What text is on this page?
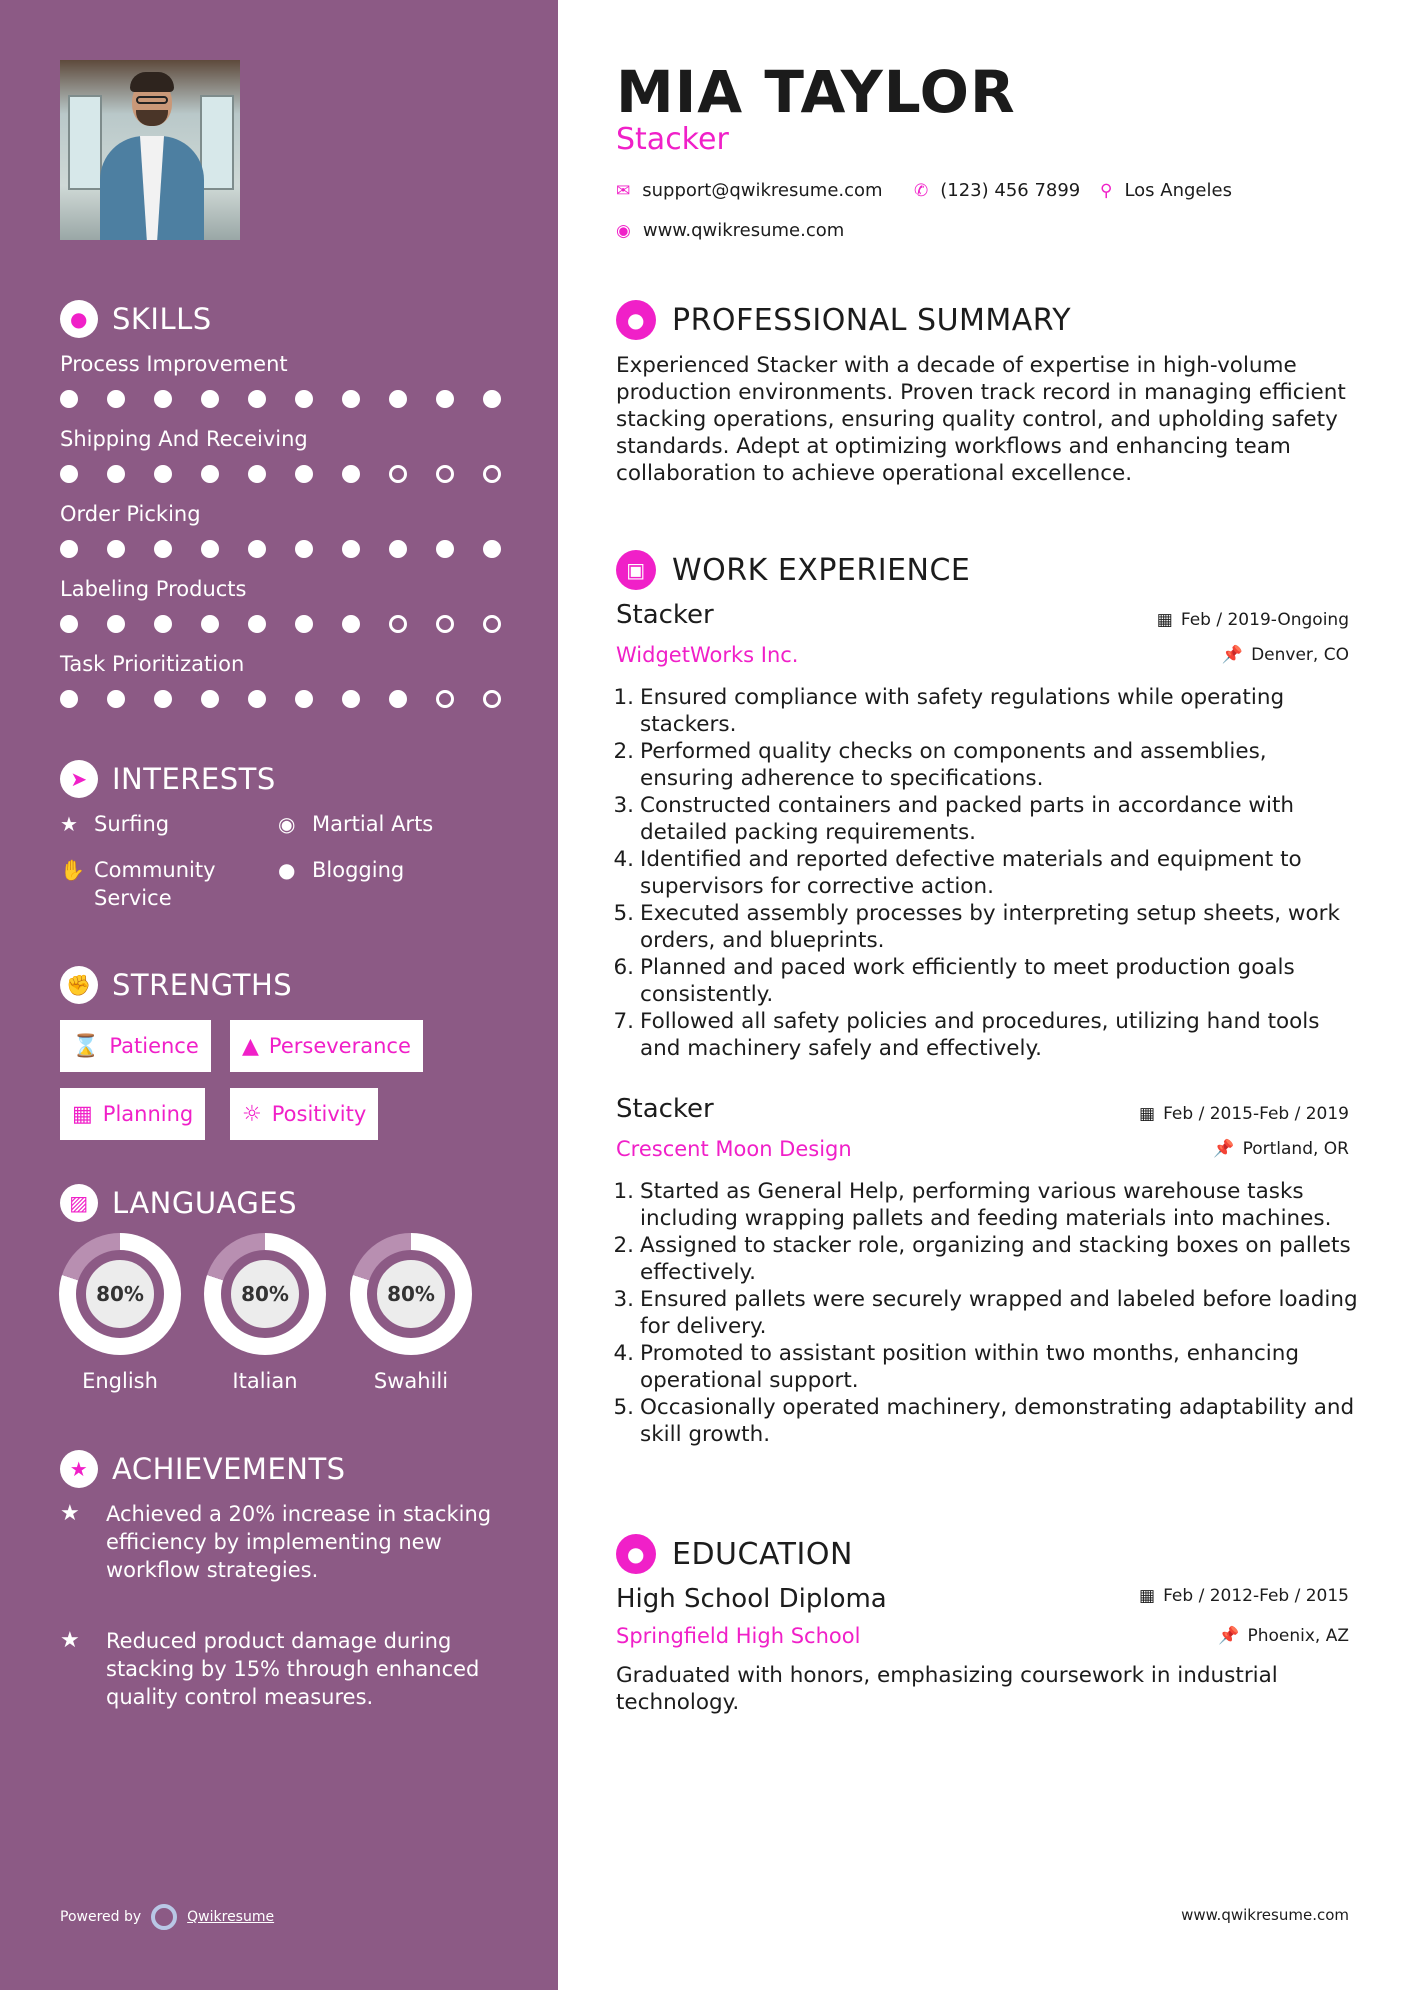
● SKILLS
Process Improvement
Shipping And Receiving
Order Picking
Labeling Products
Task Prioritization
➤ INTERESTS
★ Surfing	◉ Martial Arts
✋ Community Service
● Blogging
✊ STRENGTHS
⌛ Patience ▲ Perseverance
▦ Planning ☼ Positivity
▨ LANGUAGES
80%
English
80%
Italian
80%
Swahili
★ ACHIEVEMENTS
★	Achieved a 20% increase in stacking efficiency by implementing new workflow strategies.
★	Reduced product damage during stacking by 15% through enhanced quality control measures.
Powered by	Qwikresume
MIA TAYLOR
Stacker
✉ support@qwikresume.com ✆ (123) 456 7899 ⚲ Los Angeles
◉ www.qwikresume.com
● PROFESSIONAL SUMMARY
Experienced Stacker with a decade of expertise in high-volume production environments. Proven track record in managing efficient stacking operations, ensuring quality control, and upholding safety standards. Adept at optimizing workflows and enhancing team collaboration to achieve operational excellence.
▣ WORK EXPERIENCE
Stacker	▦ Feb / 2019-Ongoing
WidgetWorks Inc.	📌 Denver, CO
1. Ensured compliance with safety regulations while operating stackers.
2. Performed quality checks on components and assemblies, ensuring adherence to specifications.
3. Constructed containers and packed parts in accordance with detailed packing requirements.
4. Identified and reported defective materials and equipment to supervisors for corrective action.
5. Executed assembly processes by interpreting setup sheets, work orders, and blueprints.
6. Planned and paced work efficiently to meet production goals consistently.
7. Followed all safety policies and procedures, utilizing hand tools and machinery safely and effectively.
Stacker	▦ Feb / 2015-Feb / 2019
Crescent Moon Design	📌 Portland, OR
1. Started as General Help, performing various warehouse tasks including wrapping pallets and feeding materials into machines.
2. Assigned to stacker role, organizing and stacking boxes on pallets effectively.
3. Ensured pallets were securely wrapped and labeled before loading for delivery.
4. Promoted to assistant position within two months, enhancing operational support.
5. Occasionally operated machinery, demonstrating adaptability and skill growth.
● EDUCATION
High School Diploma	▦ Feb / 2012-Feb / 2015
Springfield High School	📌 Phoenix, AZ
Graduated with honors, emphasizing coursework in industrial technology.
www.qwikresume.com
